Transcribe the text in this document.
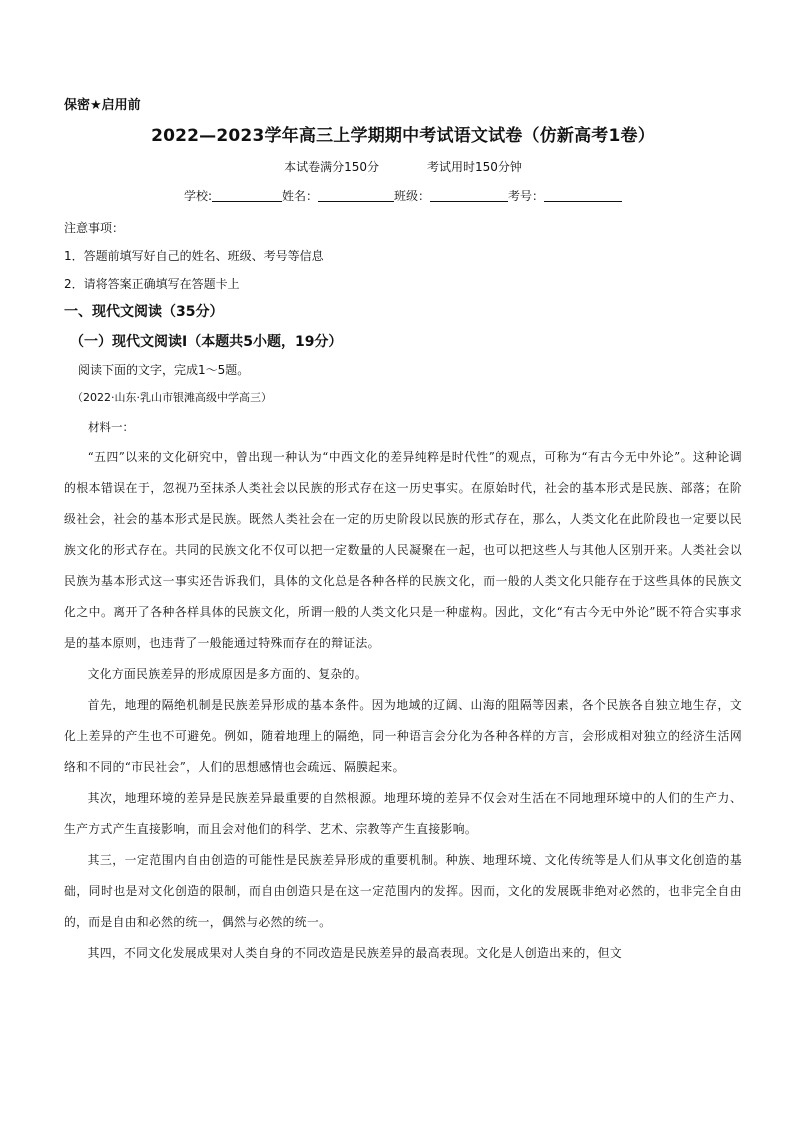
保密★启用前
2022—2023学年高三上学期期中考试语文试卷（仿新高考1卷）
本试卷满分150分	考试用时150分钟
学校:	姓名：	班级：	考号：
注意事项：
1．答题前填写好自己的姓名、班级、考号等信息
2．请将答案正确填写在答题卡上
一、现代文阅读（35分）
（一）现代文阅读I（本题共5小题，19分）
阅读下面的文字，完成1～5题。
（2022·山东·乳山市银滩高级中学高三）
材料一：

“五四”以来的文化研究中，曾出现一种认为“中西文化的差异纯粹是时代性”的观点，可称为“有古今无中外论”。这种论调的根本错误在于，忽视乃至抹杀人类社会以民族的形式存在这一历史事实。在原始时代，社会的基本形式是民族、部落；在阶级社会，社会的基本形式是民族。既然人类社会在一定的历史阶段以民族的形式存在，那么，人类文化在此阶段也一定要以民族文化的形式存在。共同的民族文化不仅可以把一定数量的人民凝聚在一起，也可以把这些人与其他人区别开来。人类社会以民族为基本形式这一事实还告诉我们，具体的文化总是各种各样的民族文化，而一般的人类文化只能存在于这些具体的民族文化之中。离开了各种各样具体的民族文化，所谓一般的人类文化只是一种虚构。因此，文化“有古今无中外论”既不符合实事求是的基本原则，也违背了一般能通过特殊而存在的辩证法。

文化方面民族差异的形成原因是多方面的、复杂的。

首先，地理的隔绝机制是民族差异形成的基本条件。因为地域的辽阔、山海的阻隔等因素，各个民族各自独立地生存，文化上差异的产生也不可避免。例如，随着地理上的隔绝，同一种语言会分化为各种各样的方言，会形成相对独立的经济生活网络和不同的“市民社会”，人们的思想感情也会疏远、隔膜起来。

其次，地理环境的差异是民族差异最重要的自然根源。地理环境的差异不仅会对生活在不同地理环境中的人们的生产力、生产方式产生直接影响，而且会对他们的科学、艺术、宗教等产生直接影响。

其三，一定范围内自由创造的可能性是民族差异形成的重要机制。种族、地理环境、文化传统等是人们从事文化创造的基础，同时也是对文化创造的限制，而自由创造只是在这一定范围内的发挥。因而，文化的发展既非绝对必然的，也非完全自由的，而是自由和必然的统一，偶然与必然的统一。

其四，不同文化发展成果对人类自身的不同改造是民族差异的最高表现。文化是人创造出来的，但文
